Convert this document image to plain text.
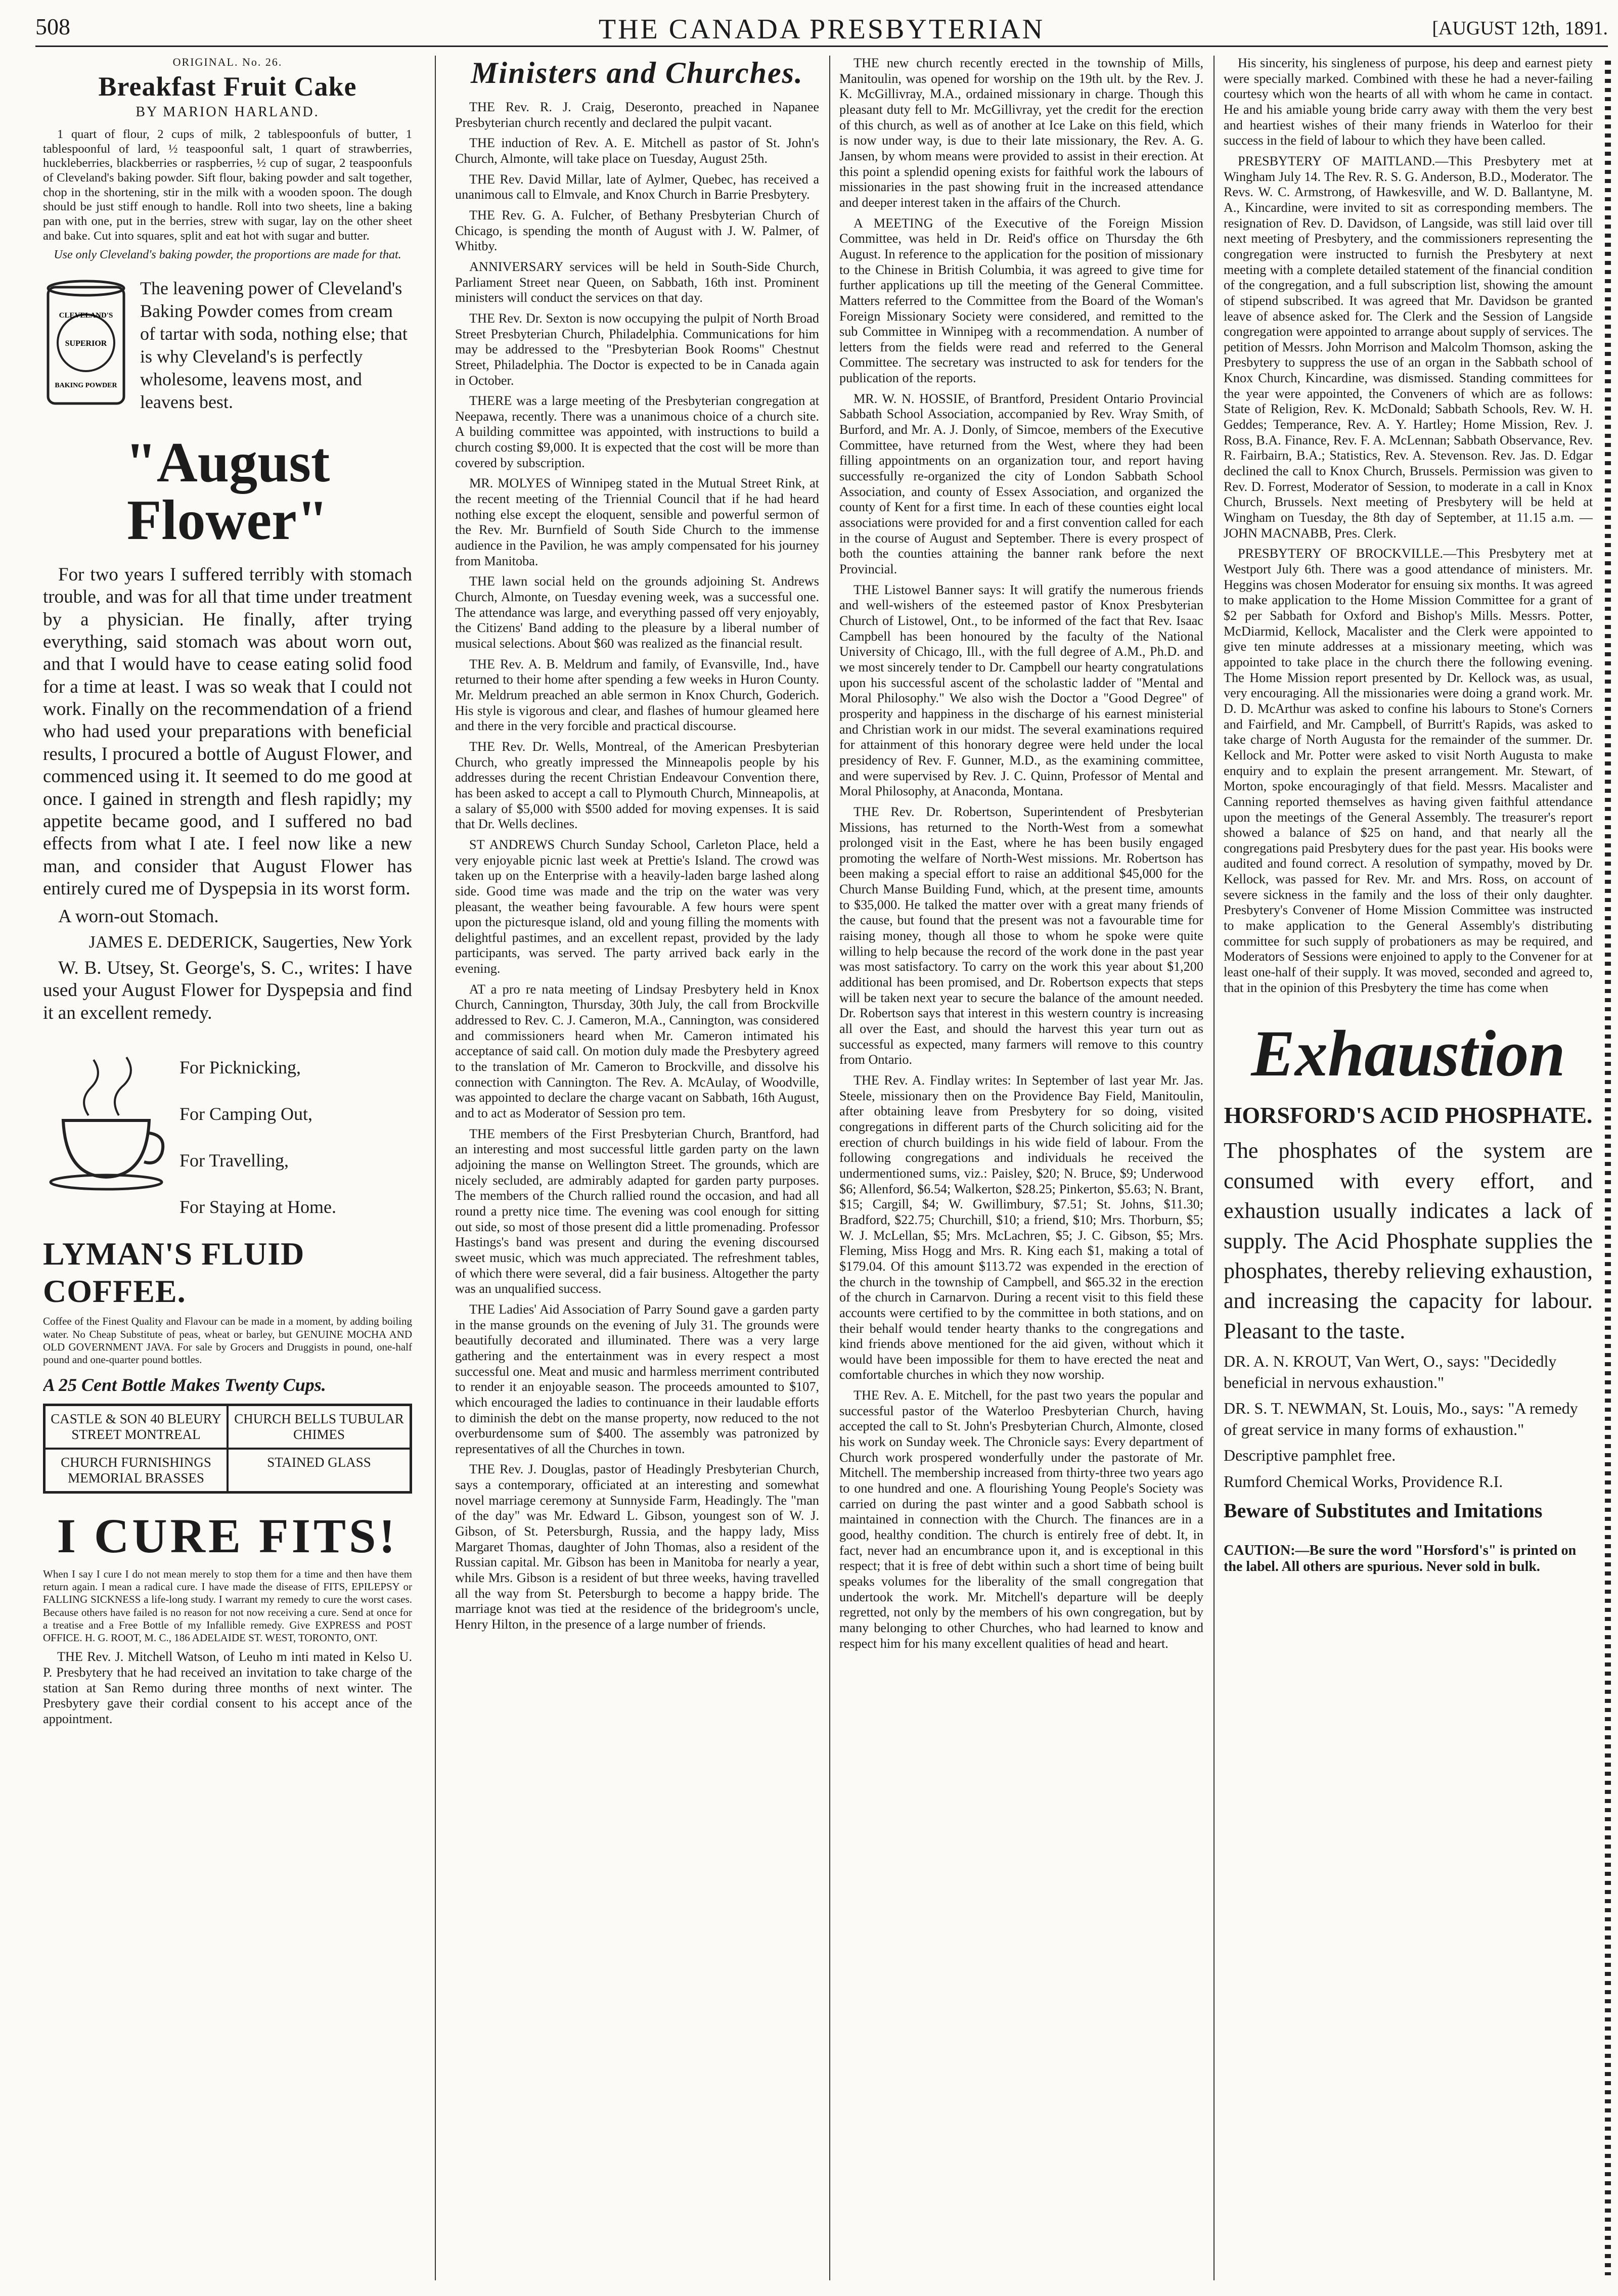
508	THE CANADA PRESBYTERIAN	[AUGUST 12th, 1891.
ORIGINAL. No. 26.
Breakfast Fruit Cake
BY MARION HARLAND.

1 quart of flour, 2 cups of milk, 2 tablespoonfuls of butter, 1 tablespoonful of lard, ½ teaspoonful salt, 1 quart of strawberries, huckleberries, blackberries or raspberries, ½ cup of sugar, 2 teaspoonfuls of Cleveland's baking powder. Sift flour, baking powder and salt together, chop in the shortening, stir in the milk with a wooden spoon. The dough should be just stiff enough to handle. Roll into two sheets, line a baking pan with one, put in the berries, strew with sugar, lay on the other sheet and bake. Cut into squares, split and eat hot with sugar and butter.

Use only Cleveland's baking powder, the proportions are made for that.
CLEVELAND'S
SUPERIOR
BAKING POWDER
The leavening power of Cleveland's Baking Powder comes from cream of tartar with soda, nothing else; that is why Cleveland's is perfectly wholesome, leavens most, and leavens best.
"August Flower"

For two years I suffered terribly with stomach trouble, and was for all that time under treatment by a physician. He finally, after trying everything, said stomach was about worn out, and that I would have to cease eating solid food for a time at least. I was so weak that I could not work. Finally on the recommendation of a friend who had used your preparations with beneficial results, I procured a bottle of August Flower, and commenced using it. It seemed to do me good at once. I gained in strength and flesh rapidly; my appetite became good, and I suffered no bad effects from what I ate. I feel now like a new man, and consider that August Flower has entirely cured me of Dyspepsia in its worst form.

A worn-out Stomach.

JAMES E. DEDERICK, Saugerties, New York

W. B. Utsey, St. George's, S. C., writes: I have used your August Flower for Dyspepsia and find it an excellent remedy.

For Picknicking,
For Camping Out,
For Travelling,
For Staying at Home.
LYMAN'S FLUID COFFEE.

Coffee of the Finest Quality and Flavour can be made in a moment, by adding boiling water. No Cheap Substitute of peas, wheat or barley, but GENUINE MOCHA AND OLD GOVERNMENT JAVA. For sale by Grocers and Druggists in pound, one-half pound and one-quarter pound bottles.

A 25 Cent Bottle Makes Twenty Cups.
CASTLE & SON 40 BLEURY STREET MONTREAL
CHURCH BELLS TUBULAR CHIMES
CHURCH FURNISHINGS MEMORIAL BRASSES
STAINED GLASS
I CURE FITS!

When I say I cure I do not mean merely to stop them for a time and then have them return again. I mean a radical cure. I have made the disease of FITS, EPILEPSY or FALLING SICKNESS a life-long study. I warrant my remedy to cure the worst cases. Because others have failed is no reason for not now receiving a cure. Send at once for a treatise and a Free Bottle of my Infallible remedy. Give EXPRESS and POST OFFICE. H. G. ROOT, M. C., 186 ADELAIDE ST. WEST, TORONTO, ONT.

THE Rev. J. Mitchell Watson, of Leuho m inti mated in Kelso U. P. Presbytery that he had received an invitation to take charge of the station at San Remo during three months of next winter. The Presbytery gave their cordial consent to his accept ance of the appointment.

Ministers and Churches.

THE Rev. R. J. Craig, Deseronto, preached in Napanee Presbyterian church recently and declared the pulpit vacant.

THE induction of Rev. A. E. Mitchell as pastor of St. John's Church, Almonte, will take place on Tuesday, August 25th.

THE Rev. David Millar, late of Aylmer, Quebec, has received a unanimous call to Elmvale, and Knox Church in Barrie Presbytery.

THE Rev. G. A. Fulcher, of Bethany Presbyterian Church of Chicago, is spending the month of August with J. W. Palmer, of Whitby.

ANNIVERSARY services will be held in South-Side Church, Parliament Street near Queen, on Sabbath, 16th inst. Prominent ministers will conduct the services on that day.

THE Rev. Dr. Sexton is now occupying the pulpit of North Broad Street Presbyterian Church, Philadelphia. Communications for him may be addressed to the "Presbyterian Book Rooms" Chestnut Street, Philadelphia. The Doctor is expected to be in Canada again in October.

THERE was a large meeting of the Presbyterian congregation at Neepawa, recently. There was a unanimous choice of a church site. A building committee was appointed, with instructions to build a church costing $9,000. It is expected that the cost will be more than covered by subscription.

MR. MOLYES of Winnipeg stated in the Mutual Street Rink, at the recent meeting of the Triennial Council that if he had heard nothing else except the eloquent, sensible and powerful sermon of the Rev. Mr. Burnfield of South Side Church to the immense audience in the Pavilion, he was amply compensated for his journey from Manitoba.

THE lawn social held on the grounds adjoining St. Andrews Church, Almonte, on Tuesday evening week, was a successful one. The attendance was large, and everything passed off very enjoyably, the Citizens' Band adding to the pleasure by a liberal number of musical selections. About $60 was realized as the financial result.

THE Rev. A. B. Meldrum and family, of Evansville, Ind., have returned to their home after spending a few weeks in Huron County. Mr. Meldrum preached an able sermon in Knox Church, Goderich. His style is vigorous and clear, and flashes of humour gleamed here and there in the very forcible and practical discourse.

THE Rev. Dr. Wells, Montreal, of the American Presbyterian Church, who greatly impressed the Minneapolis people by his addresses during the recent Christian Endeavour Convention there, has been asked to accept a call to Plymouth Church, Minneapolis, at a salary of $5,000 with $500 added for moving expenses. It is said that Dr. Wells declines.

ST ANDREWS Church Sunday School, Carleton Place, held a very enjoyable picnic last week at Prettie's Island. The crowd was taken up on the Enterprise with a heavily-laden barge lashed along side. Good time was made and the trip on the water was very pleasant, the weather being favourable. A few hours were spent upon the picturesque island, old and young filling the moments with delightful pastimes, and an excellent repast, provided by the lady participants, was served. The party arrived back early in the evening.

AT a pro re nata meeting of Lindsay Presbytery held in Knox Church, Cannington, Thursday, 30th July, the call from Brockville addressed to Rev. C. J. Cameron, M.A., Cannington, was considered and commissioners heard when Mr. Cameron intimated his acceptance of said call. On motion duly made the Presbytery agreed to the translation of Mr. Cameron to Brockville, and dissolve his connection with Cannington. The Rev. A. McAulay, of Woodville, was appointed to declare the charge vacant on Sabbath, 16th August, and to act as Moderator of Session pro tem.

THE members of the First Presbyterian Church, Brantford, had an interesting and most successful little garden party on the lawn adjoining the manse on Wellington Street. The grounds, which are nicely secluded, are admirably adapted for garden party purposes. The members of the Church rallied round the occasion, and had all round a pretty nice time. The evening was cool enough for sitting out side, so most of those present did a little promenading. Professor Hastings's band was present and during the evening discoursed sweet music, which was much appreciated. The refreshment tables, of which there were several, did a fair business. Altogether the party was an unqualified success.

THE Ladies' Aid Association of Parry Sound gave a garden party in the manse grounds on the evening of July 31. The grounds were beautifully decorated and illuminated. There was a very large gathering and the entertainment was in every respect a most successful one. Meat and music and harmless merriment contributed to render it an enjoyable season. The proceeds amounted to $107, which encouraged the ladies to continuance in their laudable efforts to diminish the debt on the manse property, now reduced to the not overburdensome sum of $400. The assembly was patronized by representatives of all the Churches in town.

THE Rev. J. Douglas, pastor of Headingly Presbyterian Church, says a contemporary, officiated at an interesting and somewhat novel marriage ceremony at Sunnyside Farm, Headingly. The "man of the day" was Mr. Edward L. Gibson, youngest son of W. J. Gibson, of St. Petersburgh, Russia, and the happy lady, Miss Margaret Thomas, daughter of John Thomas, also a resident of the Russian capital. Mr. Gibson has been in Manitoba for nearly a year, while Mrs. Gibson is a resident of but three weeks, having travelled all the way from St. Petersburgh to become a happy bride. The marriage knot was tied at the residence of the bridegroom's uncle, Henry Hilton, in the presence of a large number of friends.

THE new church recently erected in the township of Mills, Manitoulin, was opened for worship on the 19th ult. by the Rev. J. K. McGillivray, M.A., ordained missionary in charge. Though this pleasant duty fell to Mr. McGillivray, yet the credit for the erection of this church, as well as of another at Ice Lake on this field, which is now under way, is due to their late missionary, the Rev. A. G. Jansen, by whom means were provided to assist in their erection. At this point a splendid opening exists for faithful work the labours of missionaries in the past showing fruit in the increased attendance and deeper interest taken in the affairs of the Church.

A MEETING of the Executive of the Foreign Mission Committee, was held in Dr. Reid's office on Thursday the 6th August. In reference to the application for the position of missionary to the Chinese in British Columbia, it was agreed to give time for further applications up till the meeting of the General Committee. Matters referred to the Committee from the Board of the Woman's Foreign Missionary Society were considered, and remitted to the sub Committee in Winnipeg with a recommendation. A number of letters from the fields were read and referred to the General Committee. The secretary was instructed to ask for tenders for the publication of the reports.

MR. W. N. HOSSIE, of Brantford, President Ontario Provincial Sabbath School Association, accompanied by Rev. Wray Smith, of Burford, and Mr. A. J. Donly, of Simcoe, members of the Executive Committee, have returned from the West, where they had been filling appointments on an organization tour, and report having successfully re-organized the city of London Sabbath School Association, and county of Essex Association, and organized the county of Kent for a first time. In each of these counties eight local associations were provided for and a first convention called for each in the course of August and September. There is every prospect of both the counties attaining the banner rank before the next Provincial.

THE Listowel Banner says: It will gratify the numerous friends and well-wishers of the esteemed pastor of Knox Presbyterian Church of Listowel, Ont., to be informed of the fact that Rev. Isaac Campbell has been honoured by the faculty of the National University of Chicago, Ill., with the full degree of A.M., Ph.D. and we most sincerely tender to Dr. Campbell our hearty congratulations upon his successful ascent of the scholastic ladder of "Mental and Moral Philosophy." We also wish the Doctor a "Good Degree" of prosperity and happiness in the discharge of his earnest ministerial and Christian work in our midst. The several examinations required for attainment of this honorary degree were held under the local presidency of Rev. F. Gunner, M.D., as the examining committee, and were supervised by Rev. J. C. Quinn, Professor of Mental and Moral Philosophy, at Anaconda, Montana.

THE Rev. Dr. Robertson, Superintendent of Presbyterian Missions, has returned to the North-West from a somewhat prolonged visit in the East, where he has been busily engaged promoting the welfare of North-West missions. Mr. Robertson has been making a special effort to raise an additional $45,000 for the Church Manse Building Fund, which, at the present time, amounts to $35,000. He talked the matter over with a great many friends of the cause, but found that the present was not a favourable time for raising money, though all those to whom he spoke were quite willing to help because the record of the work done in the past year was most satisfactory. To carry on the work this year about $1,200 additional has been promised, and Dr. Robertson expects that steps will be taken next year to secure the balance of the amount needed. Dr. Robertson says that interest in this western country is increasing all over the East, and should the harvest this year turn out as successful as expected, many farmers will remove to this country from Ontario.

THE Rev. A. Findlay writes: In September of last year Mr. Jas. Steele, missionary then on the Providence Bay Field, Manitoulin, after obtaining leave from Presbytery for so doing, visited congregations in different parts of the Church soliciting aid for the erection of church buildings in his wide field of labour. From the following congregations and individuals he received the undermentioned sums, viz.: Paisley, $20; N. Bruce, $9; Underwood $6; Allenford, $6.54; Walkerton, $28.25; Pinkerton, $5.63; N. Brant, $15; Cargill, $4; W. Gwillimbury, $7.51; St. Johns, $11.30; Bradford, $22.75; Churchill, $10; a friend, $10; Mrs. Thorburn, $5; W. J. McLellan, $5; Mrs. McLachren, $5; J. C. Gibson, $5; Mrs. Fleming, Miss Hogg and Mrs. R. King each $1, making a total of $179.04. Of this amount $113.72 was expended in the erection of the church in the township of Campbell, and $65.32 in the erection of the church in Carnarvon. During a recent visit to this field these accounts were certified to by the committee in both stations, and on their behalf would tender hearty thanks to the congregations and kind friends above mentioned for the aid given, without which it would have been impossible for them to have erected the neat and comfortable churches in which they now worship.

THE Rev. A. E. Mitchell, for the past two years the popular and successful pastor of the Waterloo Presbyterian Church, having accepted the call to St. John's Presbyterian Church, Almonte, closed his work on Sunday week. The Chronicle says: Every department of Church work prospered wonderfully under the pastorate of Mr. Mitchell. The membership increased from thirty-three two years ago to one hundred and one. A flourishing Young People's Society was carried on during the past winter and a good Sabbath school is maintained in connection with the Church. The finances are in a good, healthy condition. The church is entirely free of debt. It, in fact, never had an encumbrance upon it, and is exceptional in this respect; that it is free of debt within such a short time of being built speaks volumes for the liberality of the small congregation that undertook the work. Mr. Mitchell's departure will be deeply regretted, not only by the members of his own congregation, but by many belonging to other Churches, who had learned to know and respect him for his many excellent qualities of head and heart.

His sincerity, his singleness of purpose, his deep and earnest piety were specially marked. Combined with these he had a never-failing courtesy which won the hearts of all with whom he came in contact. He and his amiable young bride carry away with them the very best and heartiest wishes of their many friends in Waterloo for their success in the field of labour to which they have been called.

PRESBYTERY OF MAITLAND.—This Presbytery met at Wingham July 14. The Rev. R. S. G. Anderson, B.D., Moderator. The Revs. W. C. Armstrong, of Hawkesville, and W. D. Ballantyne, M. A., Kincardine, were invited to sit as corresponding members. The resignation of Rev. D. Davidson, of Langside, was still laid over till next meeting of Presbytery, and the commissioners representing the congregation were instructed to furnish the Presbytery at next meeting with a complete detailed statement of the financial condition of the congregation, and a full subscription list, showing the amount of stipend subscribed. It was agreed that Mr. Davidson be granted leave of absence asked for. The Clerk and the Session of Langside congregation were appointed to arrange about supply of services. The petition of Messrs. John Morrison and Malcolm Thomson, asking the Presbytery to suppress the use of an organ in the Sabbath school of Knox Church, Kincardine, was dismissed. Standing committees for the year were appointed, the Conveners of which are as follows: State of Religion, Rev. K. McDonald; Sabbath Schools, Rev. W. H. Geddes; Temperance, Rev. A. Y. Hartley; Home Mission, Rev. J. Ross, B.A. Finance, Rev. F. A. McLennan; Sabbath Observance, Rev. R. Fairbairn, B.A.; Statistics, Rev. A. Stevenson. Rev. Jas. D. Edgar declined the call to Knox Church, Brussels. Permission was given to Rev. D. Forrest, Moderator of Session, to moderate in a call in Knox Church, Brussels. Next meeting of Presbytery will be held at Wingham on Tuesday, the 8th day of September, at 11.15 a.m. —JOHN MACNABB, Pres. Clerk.

PRESBYTERY OF BROCKVILLE.—This Presbytery met at Westport July 6th. There was a good attendance of ministers. Mr. Heggins was chosen Moderator for ensuing six months. It was agreed to make application to the Home Mission Committee for a grant of $2 per Sabbath for Oxford and Bishop's Mills. Messrs. Potter, McDiarmid, Kellock, Macalister and the Clerk were appointed to give ten minute addresses at a missionary meeting, which was appointed to take place in the church there the following evening. The Home Mission report presented by Dr. Kellock was, as usual, very encouraging. All the missionaries were doing a grand work. Mr. D. D. McArthur was asked to confine his labours to Stone's Corners and Fairfield, and Mr. Campbell, of Burritt's Rapids, was asked to take charge of North Augusta for the remainder of the summer. Dr. Kellock and Mr. Potter were asked to visit North Augusta to make enquiry and to explain the present arrangement. Mr. Stewart, of Morton, spoke encouragingly of that field. Messrs. Macalister and Canning reported themselves as having given faithful attendance upon the meetings of the General Assembly. The treasurer's report showed a balance of $25 on hand, and that nearly all the congregations paid Presbytery dues for the past year. His books were audited and found correct. A resolution of sympathy, moved by Dr. Kellock, was passed for Rev. Mr. and Mrs. Ross, on account of severe sickness in the family and the loss of their only daughter. Presbytery's Convener of Home Mission Committee was instructed to make application to the General Assembly's distributing committee for such supply of probationers as may be required, and Moderators of Sessions were enjoined to apply to the Convener for at least one-half of their supply. It was moved, seconded and agreed to, that in the opinion of this Presbytery the time has come when

Exhaustion
HORSFORD'S ACID PHOSPHATE.
The phosphates of the system are consumed with every effort, and exhaustion usually indicates a lack of supply. The Acid Phosphate supplies the phosphates, thereby relieving exhaustion, and increasing the capacity for labour. Pleasant to the taste.
DR. A. N. KROUT, Van Wert, O., says: "Decidedly beneficial in nervous exhaustion."
DR. S. T. NEWMAN, St. Louis, Mo., says: "A remedy of great service in many forms of exhaustion."
Descriptive pamphlet free.
Rumford Chemical Works, Providence R.I.
Beware of Substitutes and Imitations
CAUTION:—Be sure the word "Horsford's" is printed on the label. All others are spurious. Never sold in bulk.
